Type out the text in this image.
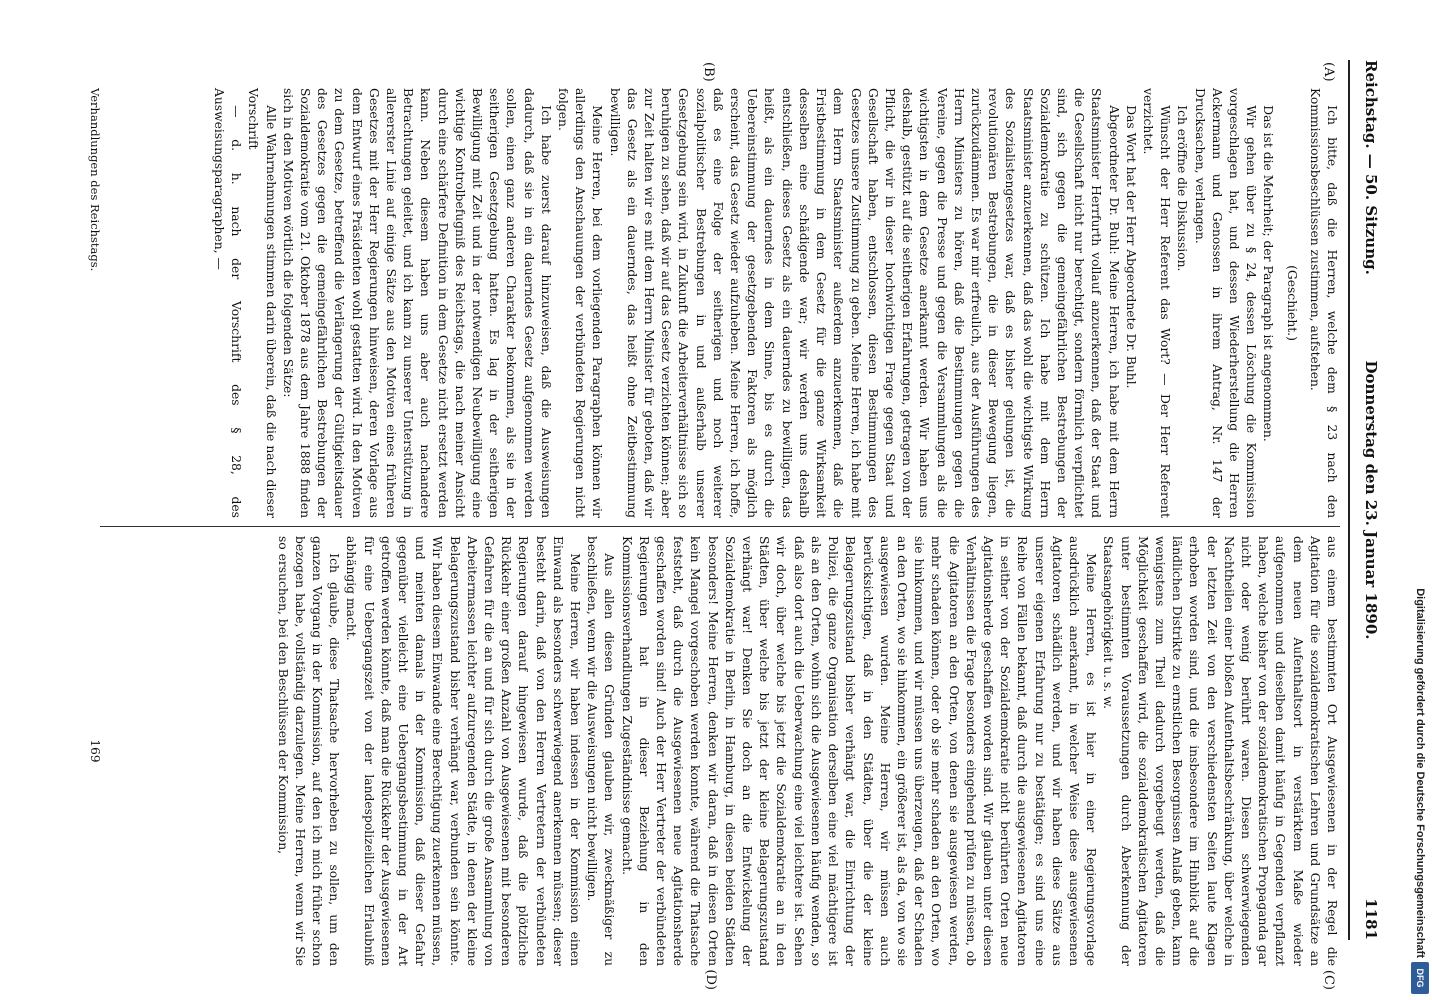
Digitalisierung gefördert durch die Deutsche Forschungsgemeinschaft
DFG
Reichstag. — 50. Sitzung.
Donnerstag den 23. Januar 1890.
1181
(A)
(B)
(C)
(D)

Ich bitte, daß die Herren, welche dem § 23 nach den Kommissionsbeschlüssen zustimmen, aufstehen.

(Geschieht.)

Das ist die Mehrheit; der Paragraph ist angenommen.

Wir gehen über zu § 24, dessen Löschung die Kommission vorgeschlagen hat, und dessen Wiederherstellung die Herren Ackermann und Genossen in ihrem Antrag, Nr. 147 der Drucksachen, verlangen.

Ich eröffne die Diskussion.

Wünscht der Herr Referent das Wort? — Der Herr Referent verzichtet.

Das Wort hat der Herr Abgeordnete Dr. Buhl.

Abgeordneter Dr. Buhl: Meine Herren, ich habe mit dem Herrn Staatsminister Herrfurth vollauf anzuerkennen, daß der Staat und die Gesellschaft nicht nur berechtigt, sondern förmlich verpflichtet sind, sich gegen die gemeingefährlichen Bestrebungen der Sozialdemokratie zu schützen. Ich habe mit dem Herrn Staatsminister anzuerkennen, daß das wohl die wichtigste Wirkung des Sozialistengesetzes war, daß es bisher gelungen ist, die revolutionären Bestrebungen, die in dieser Bewegung liegen, zurückzudämmen. Es war mir erfreulich, aus der Ausführungen des Herrn Ministers zu hören, daß die Bestimmungen gegen die Vereine, gegen die Presse und gegen die Versammlungen als die wichtigsten in dem Gesetze anerkannt werden. Wir haben uns deshalb, gestützt auf die seitherigen Erfahrungen, getragen von der Pflicht, die wir in dieser hochwichtigen Frage gegen Staat und Gesellschaft haben, entschlossen, diesen Bestimmungen des Gesetzes unsere Zustimmung zu geben. Meine Herren, ich habe mit dem Herrn Staatsminister außerdem anzuerkennen, daß die Fristbestimmung in dem Gesetz für die ganze Wirksamkeit desselben eine schädigende war; wir werden uns deshalb entschließen, dieses Gesetz als ein dauerndes zu bewilligen, das heißt, als ein dauerndes in dem Sinne, bis es durch die Uebereinstimmung der gesetzgebenden Faktoren als möglich erscheint, das Gesetz wieder aufzuheben. Meine Herren, ich hoffe, daß es eine Folge der seitherigen und noch weiterer sozialpolitischer Bestrebungen in und außerhalb unserer Gesetzgebung sein wird, in Zukunft die Arbeiterverhältnisse sich so beruhigen zu sehen, daß wir auf das Gesetz verzichten können; aber zur Zeit halten wir es mit dem Herrn Minister für geboten, daß wir das Gesetz als ein dauerndes, das heißt ohne Zeitbestimmung bewilligen.

Meine Herren, bei dem vorliegenden Paragraphen können wir allerdings den Anschauungen der verbündeten Regierungen nicht folgen.

Ich habe zuerst darauf hinzuweisen, daß die Ausweisungen dadurch, daß sie in ein dauerndes Gesetz aufgenommen werden sollen, einen ganz anderen Charakter bekommen, als sie in der seitherigen Gesetzgebung hatten. Es lag in der seitherigen Bewilligung mit Zeit und in der notwendigen Neubewilligung eine wichtige Kontrolbefugniß des Reichstags, die nach meiner Ansicht durch eine schärfere Definition in dem Gesetze nicht ersetzt werden kann. Neben diesem haben uns aber auch nachandere Betrachtungen geleitet, und ich kann zu unserer Unterstützung in allererster Linie auf einige Sätze aus den Motiven eines früheren Gesetzes mit der Herr Regierungen hinweisen, deren Vorlage aus dem Entwurf eines Präsidenten wohl gestatten wird. In den Motiven zu dem Gesetze, betreffend die Verlängerung der Gültigkeitsdauer des Gesetzes gegen die gemeingefährlichen Bestrebungen der Sozialdemokratie vom 21. Oktober 1878 aus dem Jahre 1888 finden sich in den Motiven wörtlich die folgenden Sätze:

Alle Wahrnehmungen stimmen darin überein, daß die nach dieser Vorschrift

— d. h. nach der Vorschrift des § 28, des Ausweisungsparagraphen, —

aus einem bestimmten Ort Ausgewiesenen in der Regel die Agitation für die sozialdemokratischen Lehren und Grundsätze an dem neuen Aufenthaltsort in verstärktem Maße wieder aufgenommen und dieselben damit häufig in Gegenden verpflanzt haben, welche bisher von der sozialdemokratischen Propaganda gar nicht oder wenig berührt waren. Diesen schwerwiegenden Nachtheilen einer bloßen Aufenthaltsbeschränkung, über welche in der letzten Zeit von den verschiedensten Seiten laute Klagen erhoben worden sind, und die insbesondere im Hinblick auf die ländlichen Distrikte zu ernstlichen Besorgnissen Anlaß geben, kann wenigstens zum Theil dadurch vorgebeugt werden, daß die Möglichkeit geschaffen wird, die sozialdemokratischen Agitatoren unter bestimmten Voraussetzungen durch Aberkennung der Staatsangehörigkeit u. s. w.

Meine Herren, es ist hier in einer Regierungsvorlage ausdrücklich anerkannt, in welcher Weise diese ausgewiesenen Agitatoren schädlich werden, und wir haben diese Sätze aus unserer eigenen Erfahrung nur zu bestätigen; es sind uns eine Reihe von Fällen bekannt, daß durch die ausgewiesenen Agitatoren in seither von der Sozialdemokratie nicht berührten Orten neue Agitationsherde geschaffen worden sind. Wir glauben unter diesen Verhältnissen die Frage besonders eingehend prüfen zu müssen, ob die Agitatoren an den Orten, von denen sie ausgewiesen werden, mehr schaden können, oder ob sie mehr schaden an den Orten, wo sie hinkommen, und wir müssen uns überzeugen, daß der Schaden an den Orten, wo sie hinkommen, ein größerer ist, als da, von wo sie ausgewiesen wurden. Meine Herren, wir müssen auch berücksichtigen, daß in den Städten, über die der kleine Belagerungszustand bisher verhängt war, die Einrichtung der Polizei, die ganze Organisation derselben eine viel mächtigere ist als an den Orten, wohin sich die Ausgewiesenen häufig wenden, so daß also dort auch die Ueberwachung eine viel leichtere ist. Sehen wir doch, über welche bis jetzt die Sozialdemokratie an in den Städten, über welche bis jetzt der kleine Belagerungszustand verhängt war! Denken Sie doch an die Entwickelung der Sozialdemokratie in Berlin, in Hamburg, in diesen beiden Städten besonders! Meine Herren, denken wir daran, daß in diesen Orten kein Mangel vorgeschoben werden konnte, während die Thatsache feststeht, daß durch die Ausgewiesenen neue Agitationsherde geschaffen worden sind! Auch der Herr Vertreter der verbündeten Regierungen hat in dieser Beziehung in den Kommissionsverhandlungen Zugeständnisse gemacht.

Aus allen diesen Gründen glauben wir, zweckmäßiger zu beschließen, wenn wir die Ausweisungen nicht bewilligen.

Meine Herren, wir haben indessen in der Kommission einen Einwand als besonders schwerwiegend anerkennen müssen; dieser besteht darin, daß von den Herren Vertretern der verbündeten Regierungen darauf hingewiesen wurde, daß die plötzliche Rückkehr einer großen Anzahl von Ausgewiesenen mit besonderen Gefahren für die an und für sich durch die große Ansammlung von Arbeitermassen leichter aufzuregenden Städte, in denen der kleine Belagerungszustand bisher verhängt war, verbunden sein könnte. Wir haben diesem Einwande eine Berechtigung zuerkennen müssen, und meinten damals in der Kommission, daß dieser Gefahr gegenüber vielleicht eine Uebergangsbestimmung in der Art getroffen werden könnte, daß man die Rückkehr der Ausgewiesenen für eine Uebergangszeit von der landespolizeilichen Erlaubniß abhängig macht.

Ich glaube, diese Thatsache hervorheben zu sollen, um den ganzen Vorgang in der Kommission, auf den ich mich früher schon bezogen habe, vollständig darzulegen. Meine Herren, wenn wir Sie so ersuchen, bei den Beschlüssen der Kommission,

Verhandlungen des Reichstags.
169
